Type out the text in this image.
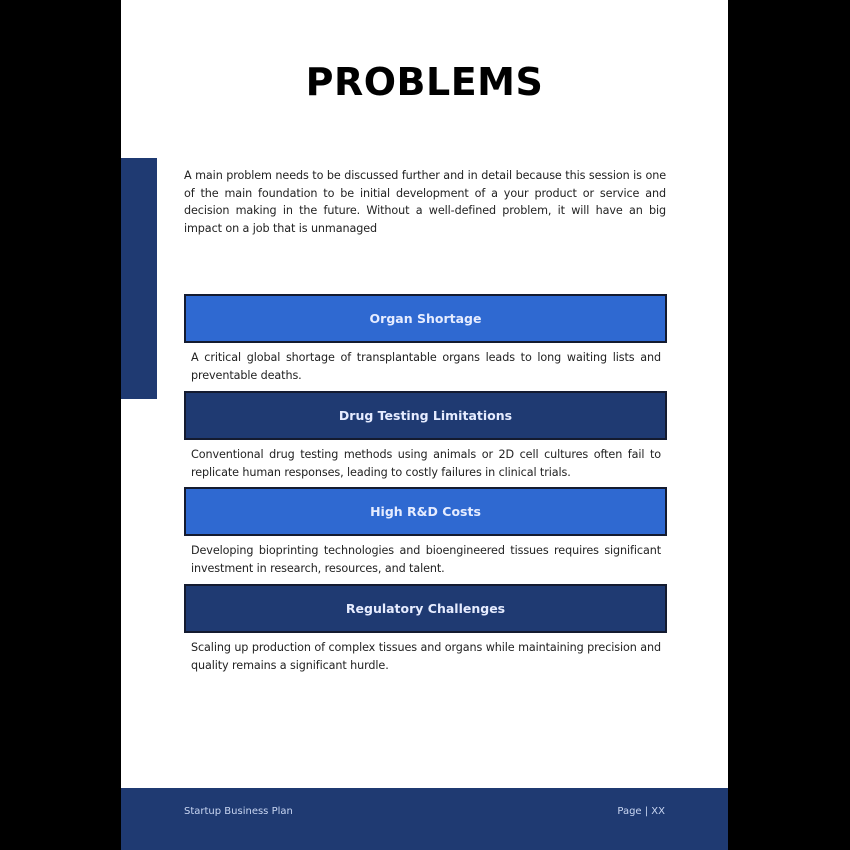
PROBLEMS

A main problem needs to be discussed further and in detail because this session is one of the main foundation to be initial development of a your product or service and decision making in the future. Without a well-defined problem, it will have an big impact on a job that is unmanaged

Organ Shortage

A critical global shortage of transplantable organs leads to long waiting lists and preventable deaths.

Drug Testing Limitations

Conventional drug testing methods using animals or 2D cell cultures often fail to replicate human responses, leading to costly failures in clinical trials.

High R&D Costs

Developing bioprinting technologies and bioengineered tissues requires significant investment in research, resources, and talent.

Regulatory Challenges

Scaling up production of complex tissues and organs while maintaining precision and quality remains a significant hurdle.

Startup Business Plan	Page | XX
